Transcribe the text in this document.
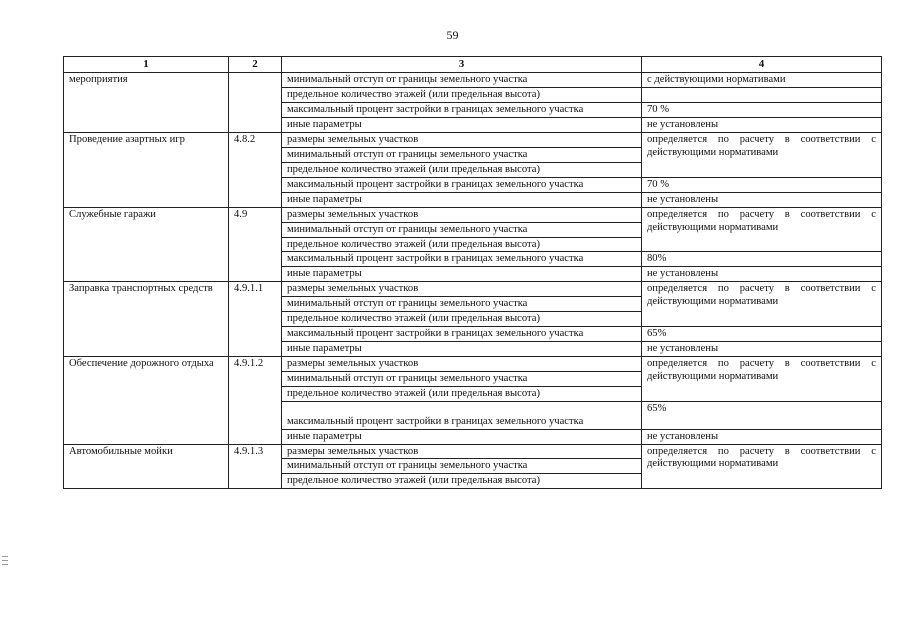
59
1	2	3	4
мероприятия		минимальный отступ от границы земельного участка	с действующими нормативами
		предельное количество этажей (или предельная высота)	
		максимальный процент застройки в границах земельного участка	70 %
		иные параметры	не установлены
Проведение азартных игр	4.8.2	размеры земельных участков	определяется по расчету в соответствии с действующими нормативами
		минимальный отступ от границы земельного участка	
		предельное количество этажей (или предельная высота)	
		максимальный процент застройки в границах земельного участка	70 %
		иные параметры	не установлены
Служебные гаражи	4.9	размеры земельных участков	определяется по расчету в соответствии с действующими нормативами
		минимальный отступ от границы земельного участка	
		предельное количество этажей (или предельная высота)	
		максимальный процент застройки в границах земельного участка	80%
		иные параметры	не установлены
Заправка транспортных средств	4.9.1.1	размеры земельных участков	определяется по расчету в соответствии с действующими нормативами
		минимальный отступ от границы земельного участка	
		предельное количество этажей (или предельная высота)	
		максимальный процент застройки в границах земельного участка	65%
		иные параметры	не установлены
Обеспечение дорожного отдыха	4.9.1.2	размеры земельных участков	определяется по расчету в соответствии с действующими нормативами
		минимальный отступ от границы земельного участка	
		предельное количество этажей (или предельная высота)	
		максимальный процент застройки в границах земельного участка	65%
		иные параметры	не установлены
Автомобильные мойки	4.9.1.3	размеры земельных участков	определяется по расчету в соответствии с действующими нормативами
		минимальный отступ от границы земельного участка	
		предельное количество этажей (или предельная высота)	
